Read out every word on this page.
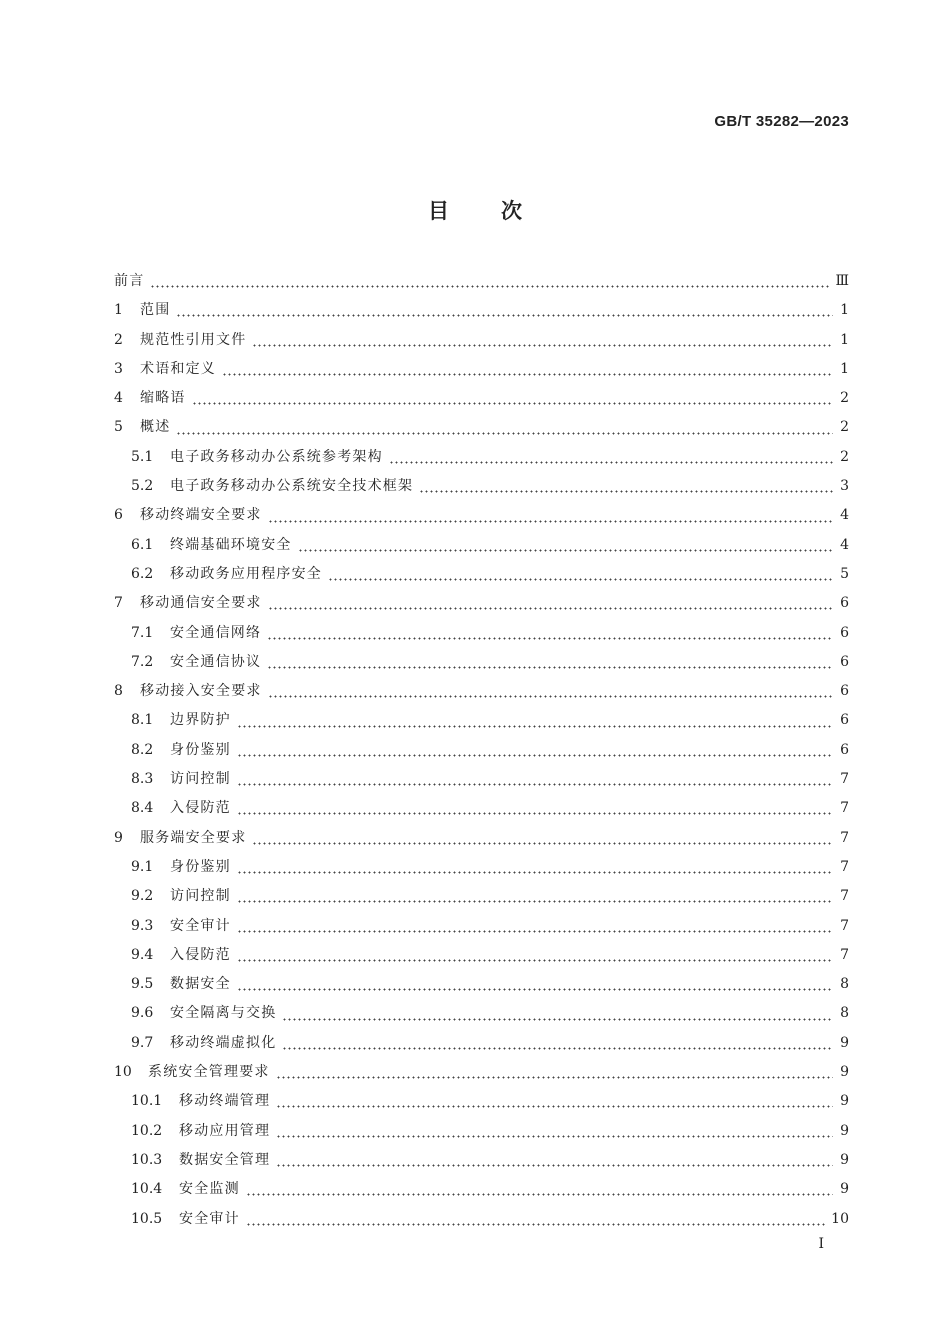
GB/T 35282—2023
目次
前言	Ⅲ
1	范围	1
2	规范性引用文件	1
3	术语和定义	1
4	缩略语	2
5	概述	2
5.1	电子政务移动办公系统参考架构	2
5.2	电子政务移动办公系统安全技术框架	3
6	移动终端安全要求	4
6.1	终端基础环境安全	4
6.2	移动政务应用程序安全	5
7	移动通信安全要求	6
7.1	安全通信网络	6
7.2	安全通信协议	6
8	移动接入安全要求	6
8.1	边界防护	6
8.2	身份鉴别	6
8.3	访问控制	7
8.4	入侵防范	7
9	服务端安全要求	7
9.1	身份鉴别	7
9.2	访问控制	7
9.3	安全审计	7
9.4	入侵防范	7
9.5	数据安全	8
9.6	安全隔离与交换	8
9.7	移动终端虚拟化	9
10	系统安全管理要求	9
10.1	移动终端管理	9
10.2	移动应用管理	9
10.3	数据安全管理	9
10.4	安全监测	9
10.5	安全审计	10
I
